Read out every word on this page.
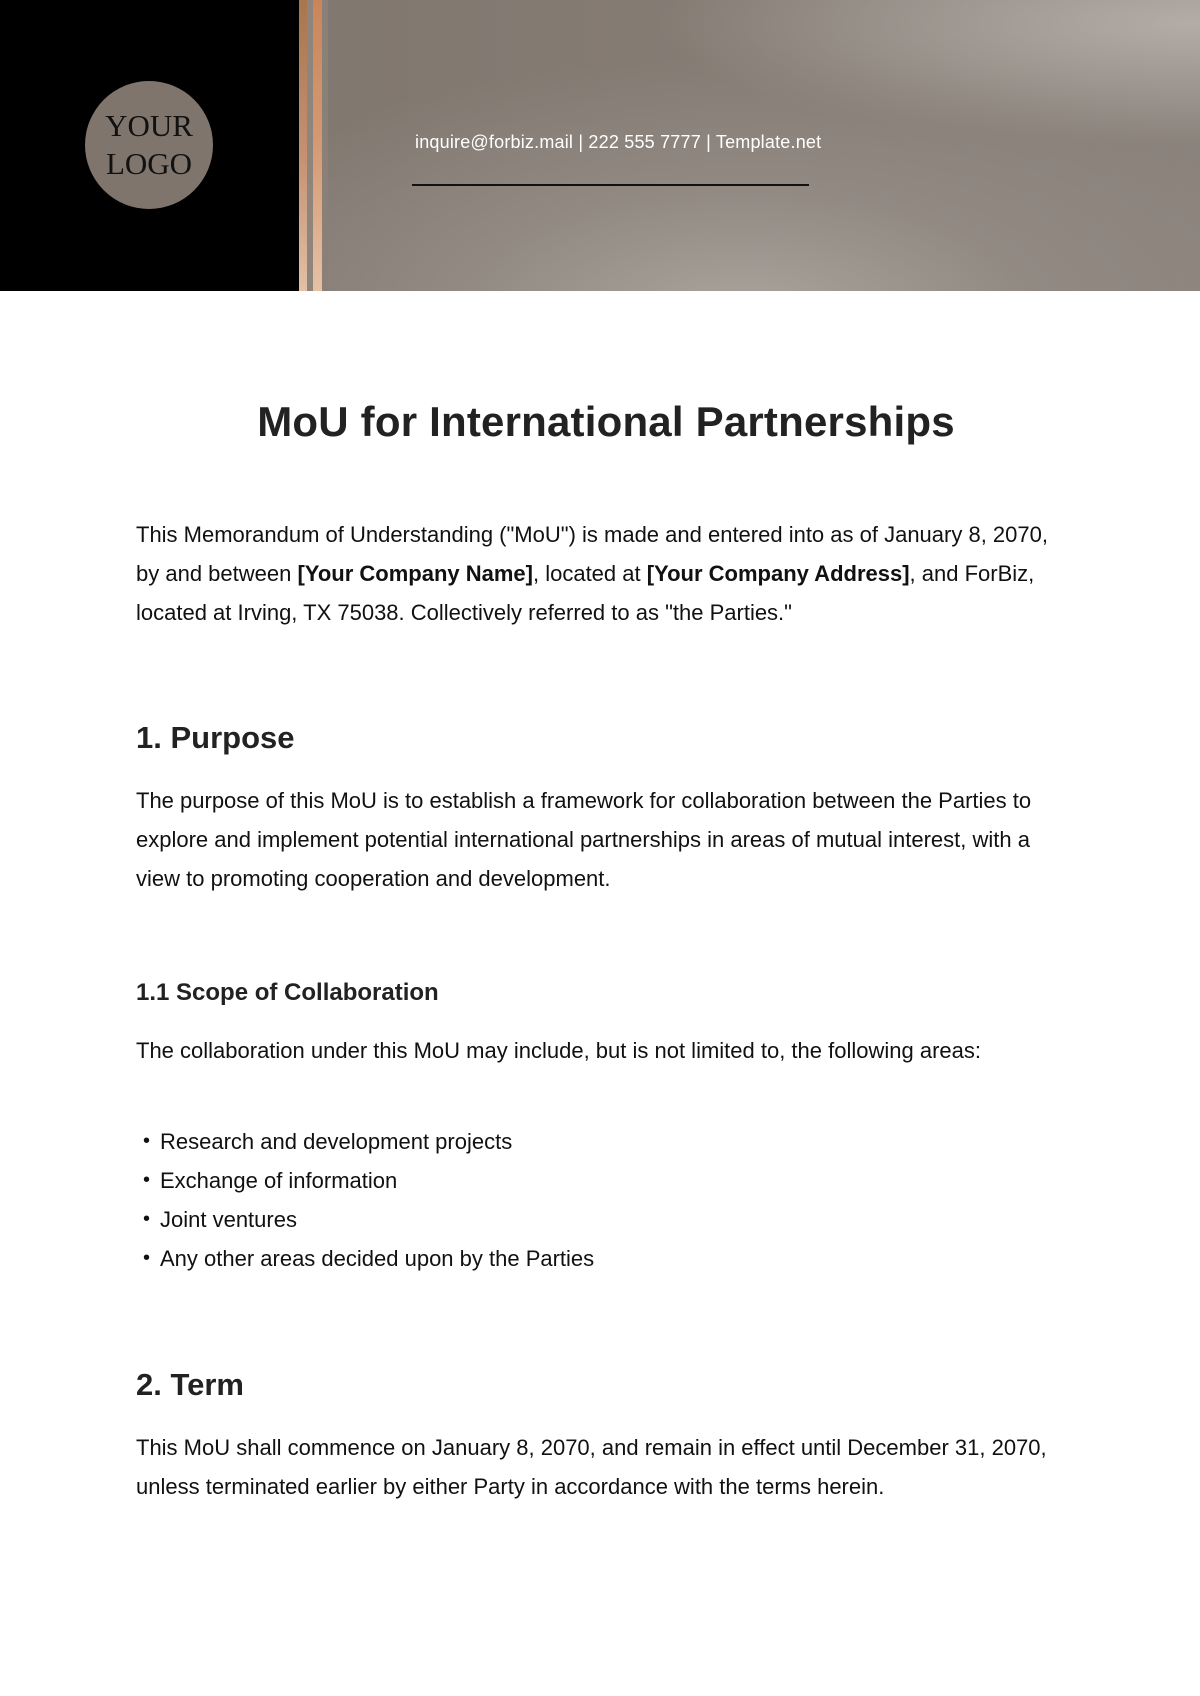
YOUR
LOGO
inquire@forbiz.mail | 222 555 7777 | Template.net
MoU for International Partnerships

This Memorandum of Understanding ("MoU") is made and entered into as of January 8, 2070, by and between [Your Company Name], located at [Your Company Address], and ForBiz, located at Irving, TX 75038. Collectively referred to as "the Parties."

1. Purpose

The purpose of this MoU is to establish a framework for collaboration between the Parties to explore and implement potential international partnerships in areas of mutual interest, with a view to promoting cooperation and development.

1.1 Scope of Collaboration

The collaboration under this MoU may include, but is not limited to, the following areas:

• Research and development projects
• Exchange of information
• Joint ventures
• Any other areas decided upon by the Parties
2. Term

This MoU shall commence on January 8, 2070, and remain in effect until December 31, 2070, unless terminated earlier by either Party in accordance with the terms herein.
